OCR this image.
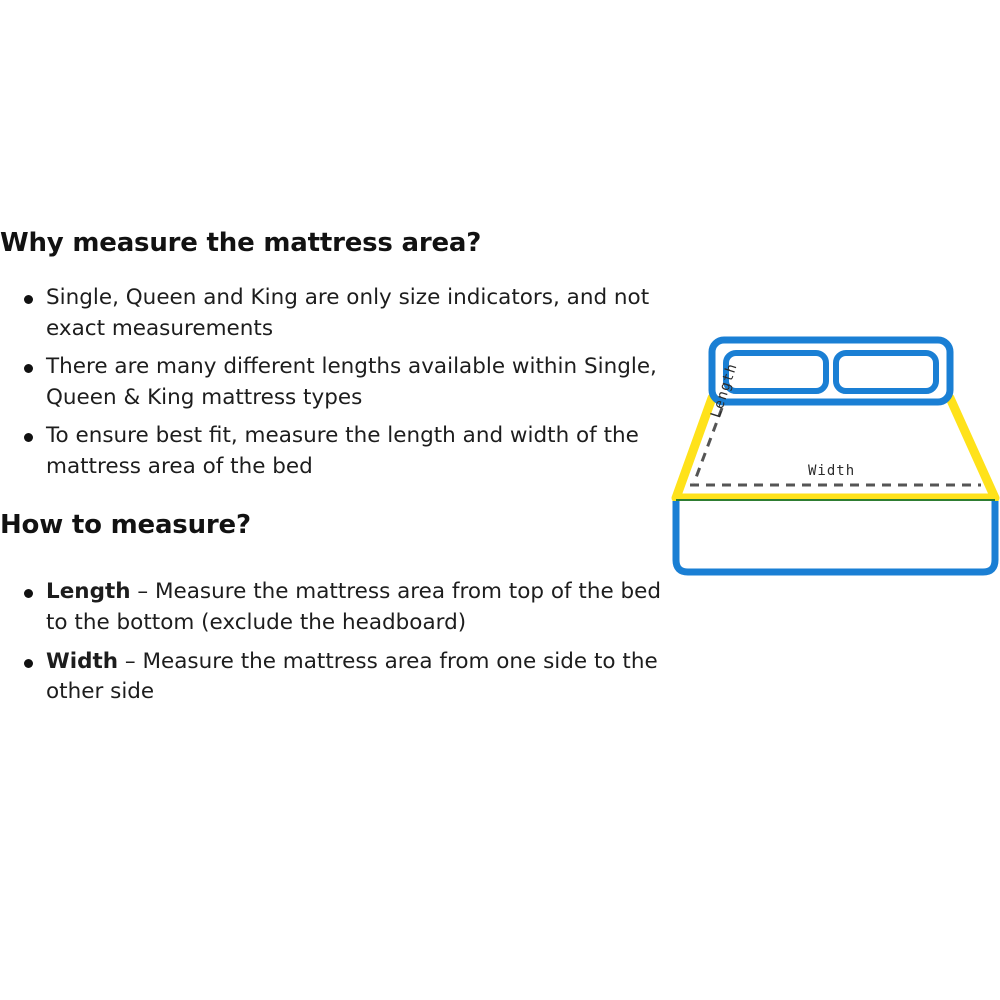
Why measure the mattress area?
Single, Queen and King are only size indicators, and not exact measurements
There are many different lengths available within Single, Queen & King mattress types
To ensure best fit, measure the length and width of the mattress area of the bed
How to measure?
Length – Measure the mattress area from top of the bed to the bottom (exclude the headboard)
Width – Measure the mattress area from one side to the other side
Width
Length
